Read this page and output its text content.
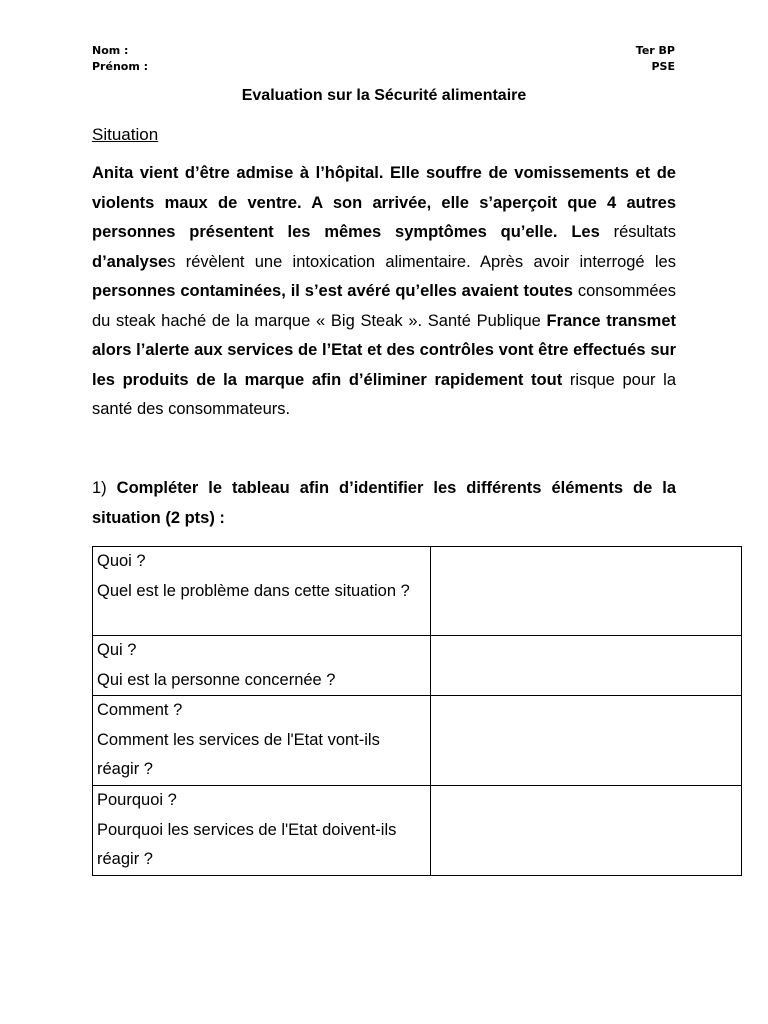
Nom :
Prénom :
Ter BP
PSE
Evaluation sur la Sécurité alimentaire
Situation

Anita vient d’être admise à l’hôpital. Elle souffre de vomissements et de violents maux de ventre. A son arrivée, elle s’aperçoit que 4 autres personnes présentent les mêmes symptômes qu’elle. Les résultats d’analyses révèlent une intoxication alimentaire. Après avoir interrogé les personnes contaminées, il s’est avéré qu’elles avaient toutes consommées du steak haché de la marque « Big Steak ». Santé Publique France transmet alors l’alerte aux services de l’Etat et des contrôles vont être effectués sur les produits de la marque afin d’éliminer rapidement tout risque pour la santé des consommateurs.

1) Compléter le tableau afin d’identifier les différents éléments de la situation (2 pts) :

Quoi ?
Quel est le problème dans cette situation ?	

Qui ?
Qui est la personne concernée ?	

Comment ?
Comment les services de l'Etat vont-ils réagir ?	

Pourquoi ?
Pourquoi les services de l'Etat doivent-ils réagir ?	
